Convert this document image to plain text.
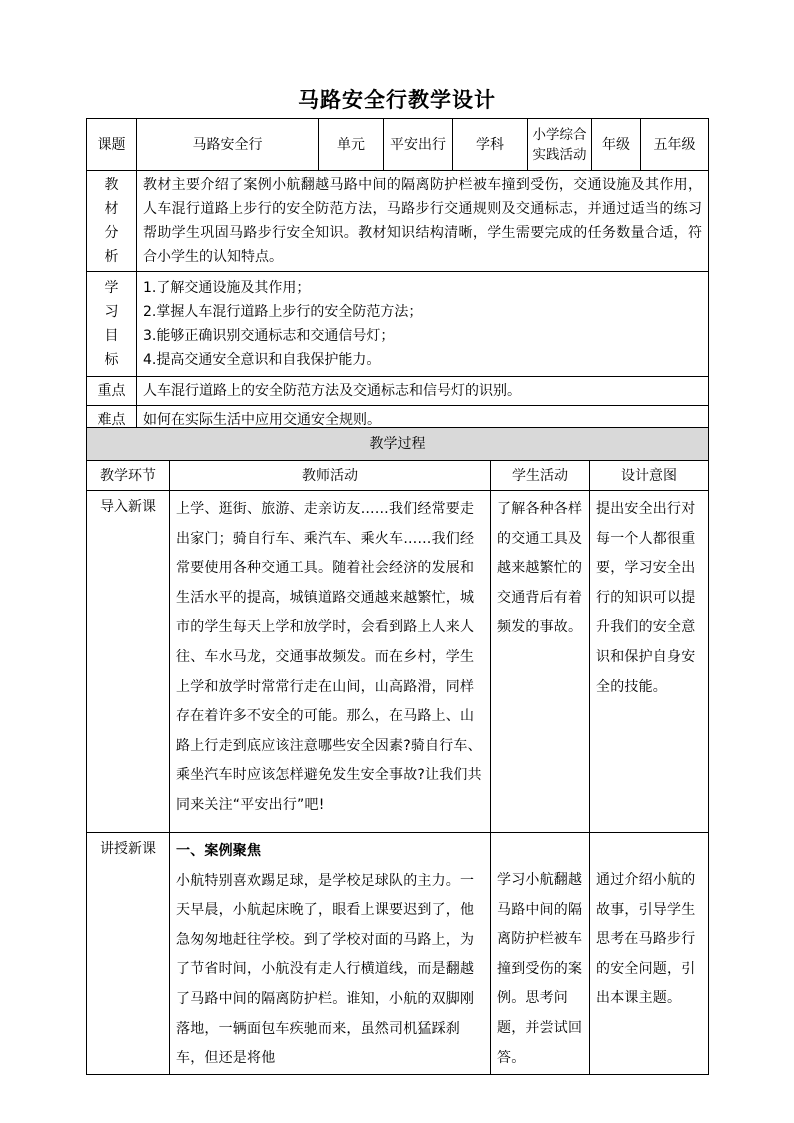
马路安全行教学设计
课题	马路安全行	单元	平安出行	学科	小学综合实践活动	年级	五年级
教材分析	教材主要介绍了案例小航翻越马路中间的隔离防护栏被车撞到受伤，交通设施及其作用，人车混行道路上步行的安全防范方法，马路步行交通规则及交通标志，并通过适当的练习帮助学生巩固马路步行安全知识。教材知识结构清晰，学生需要完成的任务数量合适，符合小学生的认知特点。						
学习目标	1.了解交通设施及其作用；
2.掌握人车混行道路上步行的安全防范方法；
3.能够正确识别交通标志和交通信号灯；
4.提高交通安全意识和自我保护能力。						

重点	人车混行道路上的安全防范方法及交通标志和信号灯的识别。						
难点	如何在实际生活中应用交通安全规则。						
教学过程			
教学环节	教师活动	学生活动	设计意图
导入新课	上学、逛街、旅游、走亲访友……我们经常要走出家门；骑自行车、乘汽车、乘火车……我们经常要使用各种交通工具。随着社会经济的发展和生活水平的提高，城镇道路交通越来越繁忙，城市的学生每天上学和放学时，会看到路上人来人往、车水马龙，交通事故频发。而在乡村，学生上学和放学时常常行走在山间，山高路滑，同样存在着许多不安全的可能。那么，在马路上、山路上行走到底应该注意哪些安全因素?骑自行车、乘坐汽车时应该怎样避免发生安全事故?让我们共同来关注“平安出行”吧!	了解各种各样的交通工具及越来越繁忙的交通背后有着频发的事故。	提出安全出行对每一个人都很重要，学习安全出行的知识可以提升我们的安全意识和保护自身安全的技能。
讲授新课	一、案例聚焦
小航特别喜欢踢足球，是学校足球队的主力。一天早晨，小航起床晚了，眼看上课要迟到了，他急匆匆地赶往学校。到了学校对面的马路上，为了节省时间，小航没有走人行横道线，而是翻越了马路中间的隔离防护栏。谁知，小航的双脚刚落地，一辆面包车疾驰而来，虽然司机猛踩刹车，但还是将他	学习小航翻越马路中间的隔离防护栏被车撞到受伤的案例。思考问题，并尝试回答。	通过介绍小航的故事，引导学生思考在马路步行的安全问题，引出本课主题。
